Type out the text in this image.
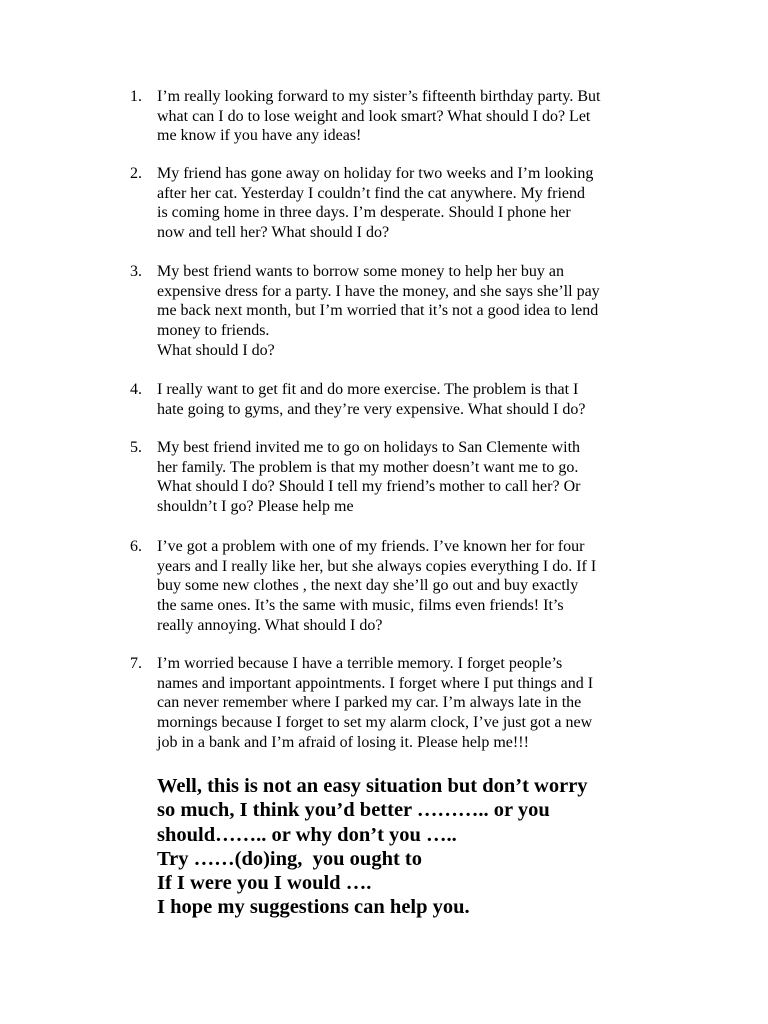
1. I’m really looking forward to my sister’s fifteenth birthday party. But
what can I do to lose weight and look smart? What should I do? Let
me know if you have any ideas!
2. My friend has gone away on holiday for two weeks and I’m looking
after her cat. Yesterday I couldn’t find the cat anywhere. My friend
is coming home in three days. I’m desperate. Should I phone her
now and tell her? What should I do?
3. My best friend wants to borrow some money to help her buy an
expensive dress for a party. I have the money, and she says she’ll pay
me back next month, but I’m worried that it’s not a good idea to lend
money to friends.
What should I do?
4. I really want to get fit and do more exercise. The problem is that I
hate going to gyms, and they’re very expensive. What should I do?
5. My best friend invited me to go on holidays to San Clemente with
her family. The problem is that my mother doesn’t want me to go.
What should I do? Should I tell my friend’s mother to call her? Or
shouldn’t I go? Please help me
6. I’ve got a problem with one of my friends. I’ve known her for four
years and I really like her, but she always copies everything I do. If I
buy some new clothes , the next day she’ll go out and buy exactly
the same ones. It’s the same with music, films even friends! It’s
really annoying. What should I do?
7. I’m worried because I have a terrible memory. I forget people’s
names and important appointments. I forget where I put things and I
can never remember where I parked my car. I’m always late in the
mornings because I forget to set my alarm clock, I’ve just got a new
job in a bank and I’m afraid of losing it. Please help me!!!
Well, this is not an easy situation but don’t worry
so much, I think you’d better ……….. or you
should…….. or why don’t you …..
Try ……(do)ing,  you ought to
If I were you I would ….
I hope my suggestions can help you.
